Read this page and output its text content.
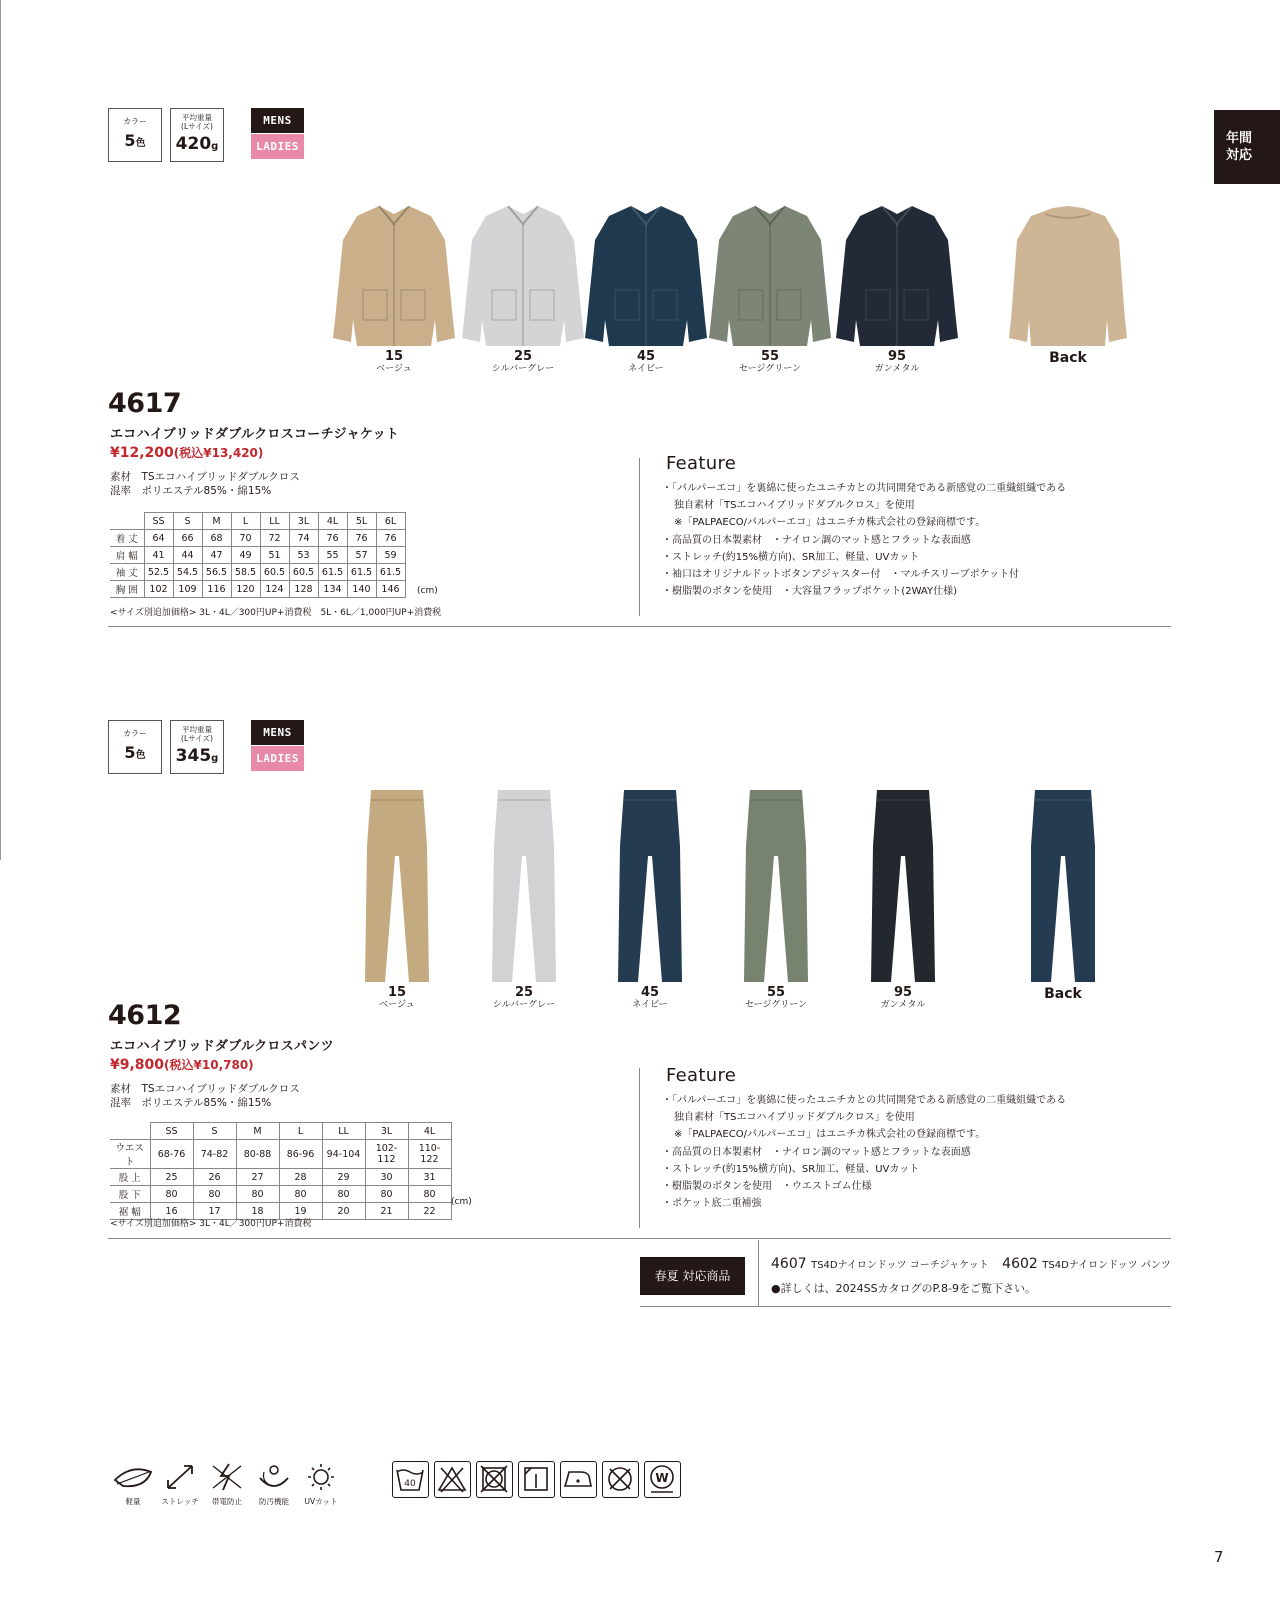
年間
対応
カラー
5色
平均重量
(Lサイズ)
420g
MENS
LADIES
15
ベージュ
25
シルバーグレー
45
ネイビー
55
セージグリーン
95
ガンメタル
Back
4617
エコハイブリッドダブルクロスコーチジャケット
¥12,200(税込¥13,420)
素材　TSエコハイブリッドダブルクロス
混率　ポリエステル85%・綿15%
	SS	S	M	L	LL	3L	4L	5L	6L
着 丈	64	66	68	70	72	74	76	76	76
肩 幅	41	44	47	49	51	53	55	57	59
袖 丈	52.5	54.5	56.5	58.5	60.5	60.5	61.5	61.5	61.5
胸 囲	102	109	116	120	124	128	134	140	146 (cm)
<サイズ別追加価格> 3L・4L／300円UP+消費税　5L・6L／1,000円UP+消費税
Feature
・「パルパーエコ」を裏綿に使ったユニチカとの共同開発である新感覚の二重織組織である
独自素材「TSエコハイブリッドダブルクロス」を使用
※「PALPAECO/パルパーエコ」はユニチカ株式会社の登録商標です。
・高品質の日本製素材　・ナイロン調のマット感とフラットな表面感
・ストレッチ(約15%横方向)、SR加工、軽量、UVカット
・袖口はオリジナルドットボタンアジャスター付　・マルチスリーブポケット付
・樹脂製のボタンを使用　・大容量フラップポケット(2WAY仕様)
カラー
5色
平均重量
(Lサイズ)
345g
MENS
LADIES
15
ベージュ
25
シルバーグレー
45
ネイビー
55
セージグリーン
95
ガンメタル
Back
4612
エコハイブリッドダブルクロスパンツ
¥9,800(税込¥10,780)
素材　TSエコハイブリッドダブルクロス
混率　ポリエステル85%・綿15%
	SS	S	M	L	LL	3L	4L
ウエスト	68-76	74-82	80-88	86-96	94-104	102-112	110-122
股 上	25	26	27	28	29	30	31
股 下	80	80	80	80	80	80	80
裾 幅	16	17	18	19	20	21	22
(cm)
<サイズ別追加価格> 3L・4L／300円UP+消費税
Feature
・「パルパーエコ」を裏綿に使ったユニチカとの共同開発である新感覚の二重織組織である
独自素材「TSエコハイブリッドダブルクロス」を使用
※「PALPAECO/パルパーエコ」はユニチカ株式会社の登録商標です。
・高品質の日本製素材　・ナイロン調のマット感とフラットな表面感
・ストレッチ(約15%横方向)、SR加工、軽量、UVカット
・樹脂製のボタンを使用　・ウエストゴム仕様
・ポケット底二重補強
春夏 対応商品
4607 TS4Dナイロンドッツ コーチジャケット 4602 TS4Dナイロンドッツ パンツ
●詳しくは、2024SSカタログのP.8-9をご覧下さい。
軽量	ストレッチ	帯電防止	防汚機能	UVカット
40	W
7
